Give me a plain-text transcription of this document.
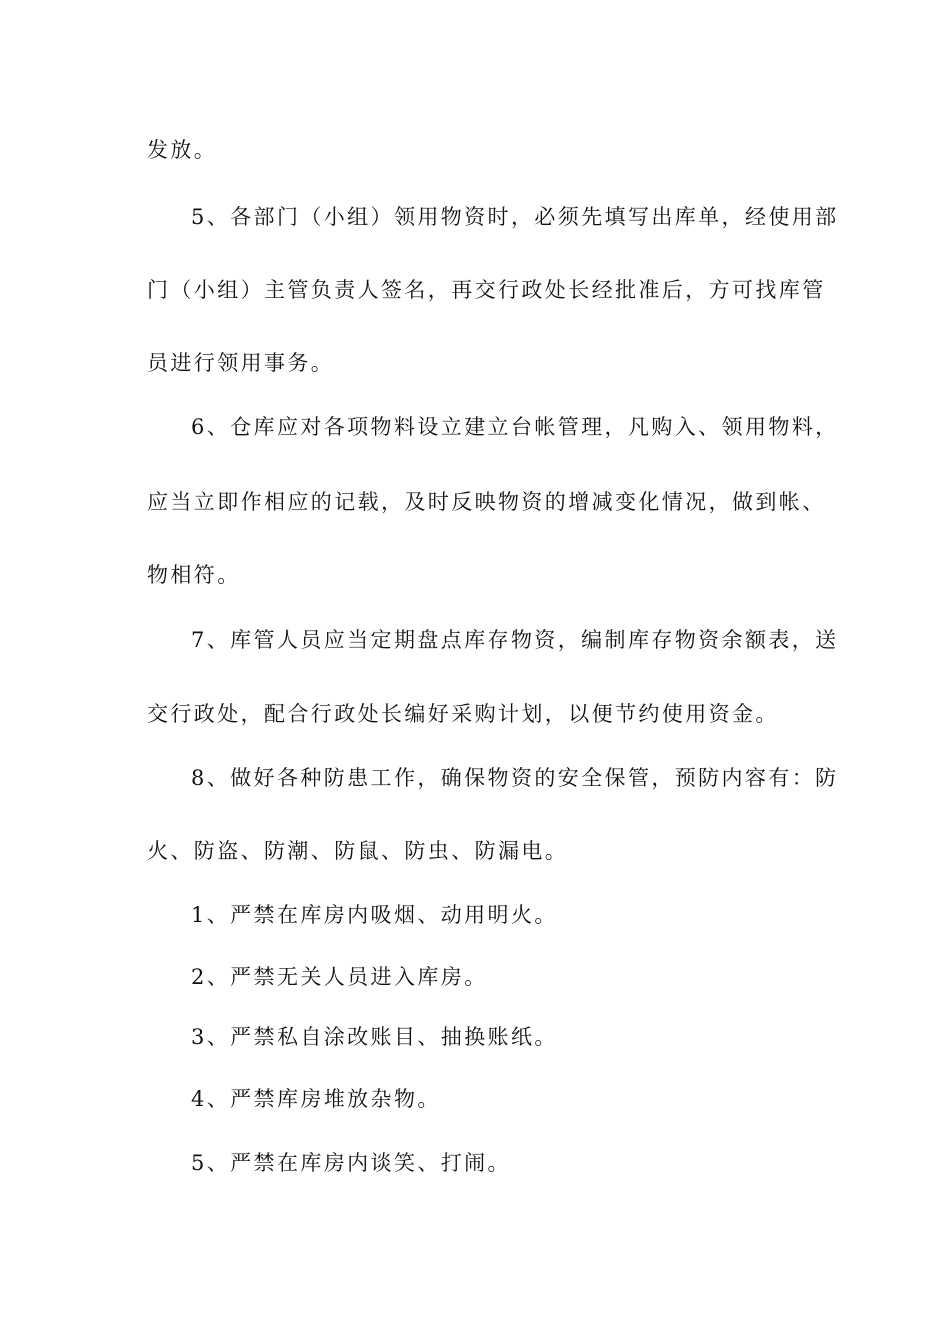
发放。
5、各部门（小组）领用物资时，必须先填写出库单，经使用部
门（小组）主管负责人签名，再交行政处长经批准后，方可找库管
员进行领用事务。
6、仓库应对各项物料设立建立台帐管理，凡购入、领用物料，
应当立即作相应的记载，及时反映物资的增减变化情况，做到帐、
物相符。
7、库管人员应当定期盘点库存物资，编制库存物资余额表，送
交行政处，配合行政处长编好采购计划，以便节约使用资金。
8、做好各种防患工作，确保物资的安全保管，预防内容有：防
火、防盗、防潮、防鼠、防虫、防漏电。
1、严禁在库房内吸烟、动用明火。
2、严禁无关人员进入库房。
3、严禁私自涂改账目、抽换账纸。
4、严禁库房堆放杂物。
5、严禁在库房内谈笑、打闹。
